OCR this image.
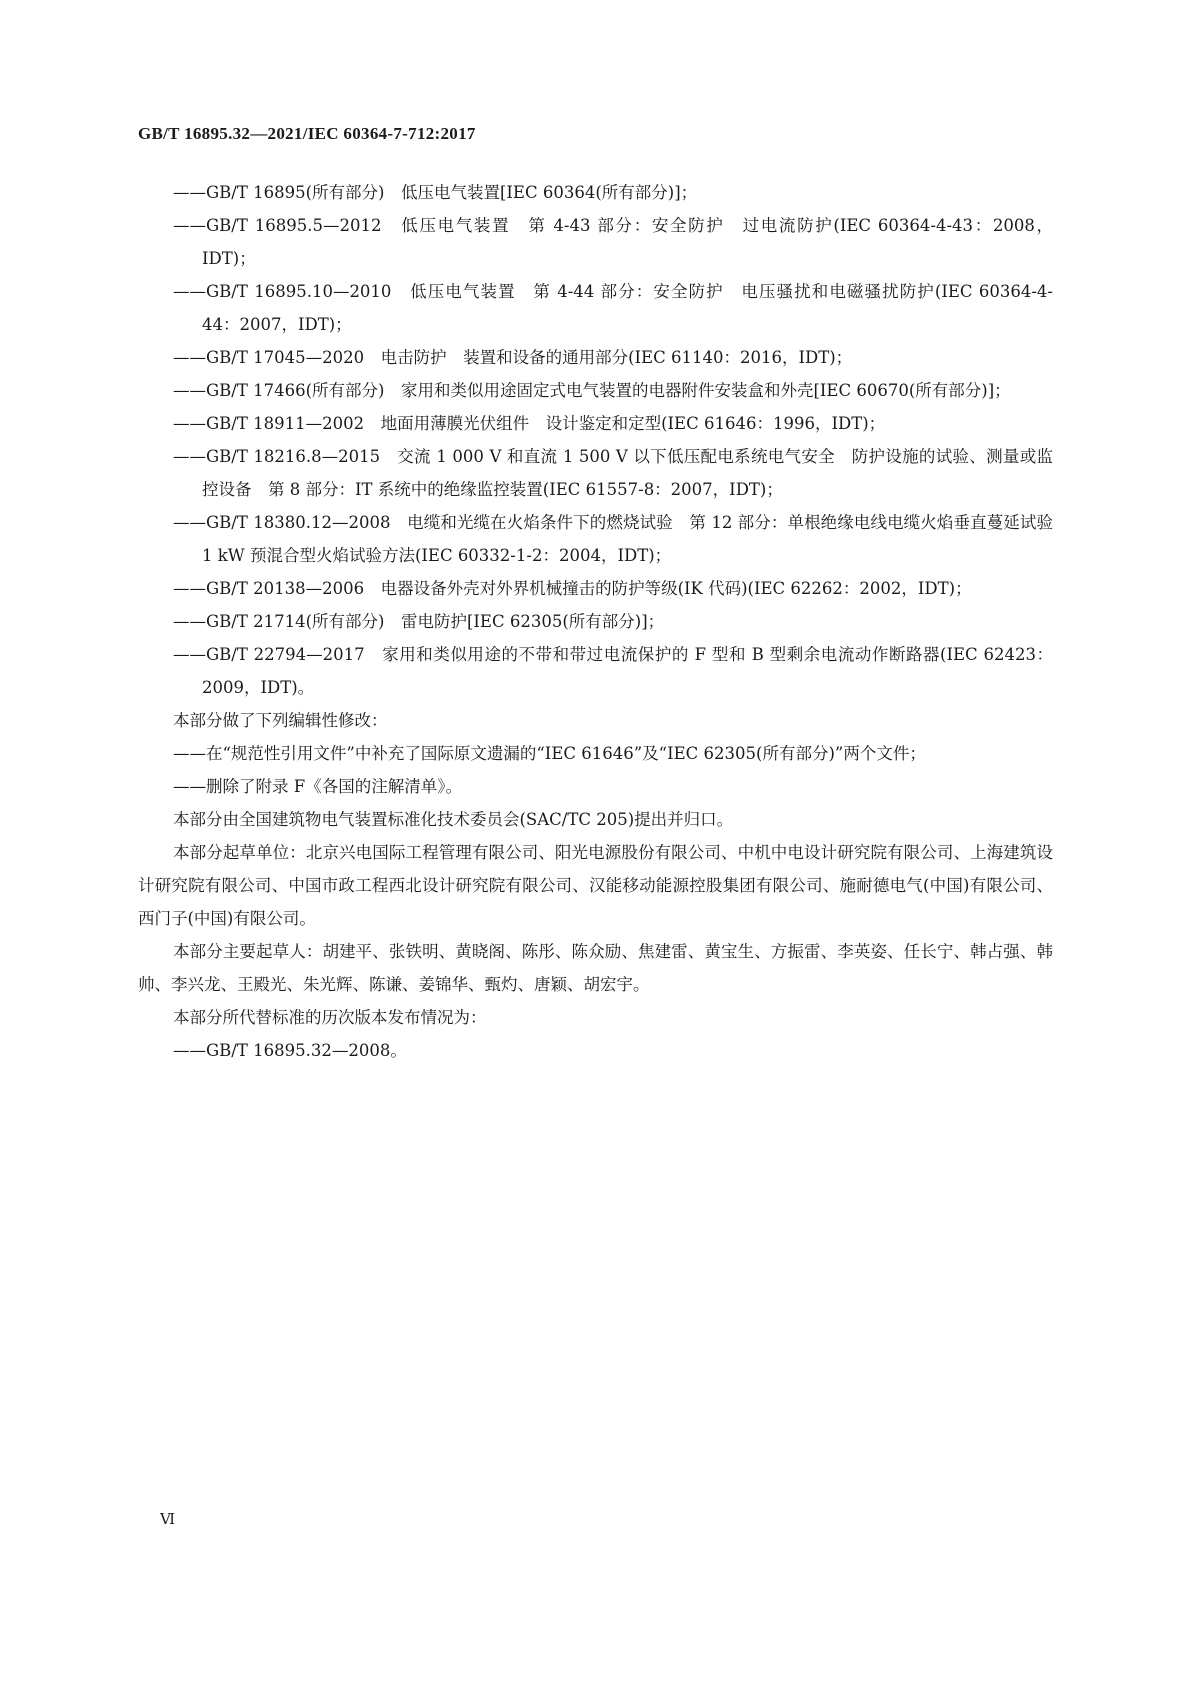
GB/T 16895.32—2021/IEC 60364-7-712:2017

——GB/T 16895(所有部分)　低压电气装置[IEC 60364(所有部分)]；

——GB/T 16895.5—2012　低压电气装置　第 4-43 部分：安全防护　过电流防护(IEC 60364-4-43：2008，IDT)；

——GB/T 16895.10—2010　低压电气装置　第 4-44 部分：安全防护　电压骚扰和电磁骚扰防护(IEC 60364-4-44：2007，IDT)；

——GB/T 17045—2020　电击防护　装置和设备的通用部分(IEC 61140：2016，IDT)；

——GB/T 17466(所有部分)　家用和类似用途固定式电气装置的电器附件安装盒和外壳[IEC 60670(所有部分)]；

——GB/T 18911—2002　地面用薄膜光伏组件　设计鉴定和定型(IEC 61646：1996，IDT)；

——GB/T 18216.8—2015　交流 1 000 V 和直流 1 500 V 以下低压配电系统电气安全　防护设施的试验、测量或监控设备　第 8 部分：IT 系统中的绝缘监控装置(IEC 61557-8：2007，IDT)；

——GB/T 18380.12—2008　电缆和光缆在火焰条件下的燃烧试验　第 12 部分：单根绝缘电线电缆火焰垂直蔓延试验　1 kW 预混合型火焰试验方法(IEC 60332-1-2：2004，IDT)；

——GB/T 20138—2006　电器设备外壳对外界机械撞击的防护等级(IK 代码)(IEC 62262：2002，IDT)；

——GB/T 21714(所有部分)　雷电防护[IEC 62305(所有部分)]；

——GB/T 22794—2017　家用和类似用途的不带和带过电流保护的 F 型和 B 型剩余电流动作断路器(IEC 62423：2009，IDT)。

本部分做了下列编辑性修改：

——在“规范性引用文件”中补充了国际原文遗漏的“IEC 61646”及“IEC 62305(所有部分)”两个文件；

——删除了附录 F《各国的注解清单》。

本部分由全国建筑物电气装置标准化技术委员会(SAC/TC 205)提出并归口。

本部分起草单位：北京兴电国际工程管理有限公司、阳光电源股份有限公司、中机中电设计研究院有限公司、上海建筑设计研究院有限公司、中国市政工程西北设计研究院有限公司、汉能移动能源控股集团有限公司、施耐德电气(中国)有限公司、西门子(中国)有限公司。

本部分主要起草人：胡建平、张铁明、黄晓阁、陈彤、陈众励、焦建雷、黄宝生、方振雷、李英姿、任长宁、韩占强、韩帅、李兴龙、王殿光、朱光辉、陈谦、姜锦华、甄灼、唐颖、胡宏宇。

本部分所代替标准的历次版本发布情况为：

——GB/T 16895.32—2008。

Ⅵ
